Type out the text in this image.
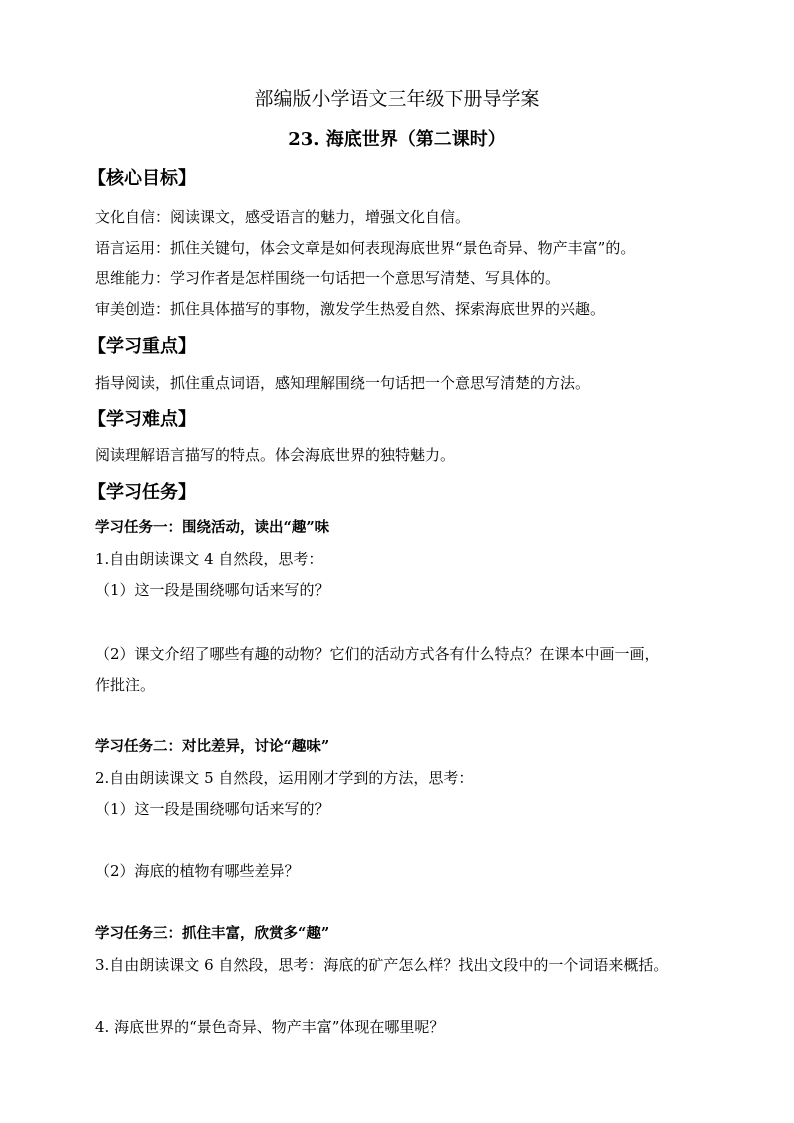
部编版小学语文三年级下册导学案
23. 海底世界（第二课时）
【核心目标】
文化自信：阅读课文，感受语言的魅力，增强文化自信。
语言运用：抓住关键句，体会文章是如何表现海底世界“景色奇异、物产丰富”的。
思维能力：学习作者是怎样围绕一句话把一个意思写清楚、写具体的。
审美创造：抓住具体描写的事物，激发学生热爱自然、探索海底世界的兴趣。
【学习重点】
指导阅读，抓住重点词语，感知理解围绕一句话把一个意思写清楚的方法。
【学习难点】
阅读理解语言描写的特点。体会海底世界的独特魅力。
【学习任务】
学习任务一：围绕活动，读出“趣”味
1.自由朗读课文 4 自然段，思考：
（1）这一段是围绕哪句话来写的？
（2）课文介绍了哪些有趣的动物？它们的活动方式各有什么特点？在课本中画一画，
作批注。
学习任务二：对比差异，讨论“趣味”
2.自由朗读课文 5 自然段，运用刚才学到的方法，思考：
（1）这一段是围绕哪句话来写的？
（2）海底的植物有哪些差异？
学习任务三：抓住丰富，欣赏多“趣”
3.自由朗读课文 6 自然段，思考：海底的矿产怎么样？找出文段中的一个词语来概括。
4. 海底世界的“景色奇异、物产丰富”体现在哪里呢？
